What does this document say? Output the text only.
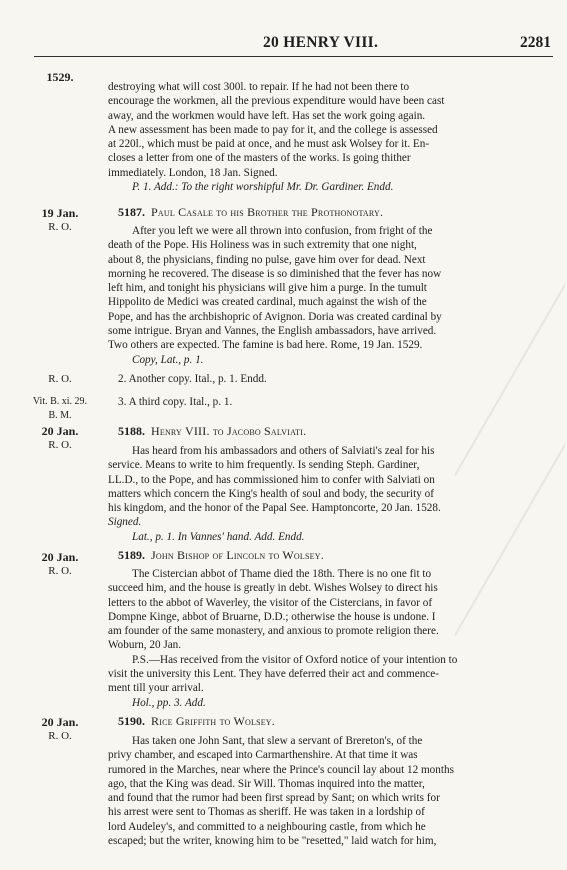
20 HENRY VIII.	2281
1529.
destroying what will cost 300l. to repair. If he had not been there to
encourage the workmen, all the previous expenditure would have been cast
away, and the workmen would have left. Has set the work going again.
A new assessment has been made to pay for it, and the college is assessed
at 220l., which must be paid at once, and he must ask Wolsey for it. En-
closes a letter from one of the masters of the works. Is going thither
immediately. London, 18 Jan. Signed.
P. 1. Add.: To the right worshipful Mr. Dr. Gardiner. Endd.
19 Jan.
R. O.
5187. Paul Casale to his Brother the Prothonotary.
After you left we were all thrown into confusion, from fright of the
death of the Pope. His Holiness was in such extremity that one night,
about 8, the physicians, finding no pulse, gave him over for dead. Next
morning he recovered. The disease is so diminished that the fever has now
left him, and tonight his physicians will give him a purge. In the tumult
Hippolito de Medici was created cardinal, much against the wish of the
Pope, and has the archbishopric of Avignon. Doria was created cardinal by
some intrigue. Bryan and Vannes, the English ambassadors, have arrived.
Two others are expected. The famine is bad here. Rome, 19 Jan. 1529.
Copy, Lat., p. 1.
R. O.	2. Another copy. Ital., p. 1. Endd.
Vit. B. xi. 29.
B. M.
3. A third copy. Ital., p. 1.
20 Jan.
R. O.
5188. Henry VIII. to Jacobo Salviati.
Has heard from his ambassadors and others of Salviati's zeal for his
service. Means to write to him frequently. Is sending Steph. Gardiner,
LL.D., to the Pope, and has commissioned him to confer with Salviati on
matters which concern the King's health of soul and body, the security of
his kingdom, and the honor of the Papal See. Hamptoncorte, 20 Jan. 1528.
Signed.
Lat., p. 1. In Vannes' hand. Add. Endd.
20 Jan.
R. O.
5189. John Bishop of Lincoln to Wolsey.
The Cistercian abbot of Thame died the 18th. There is no one fit to
succeed him, and the house is greatly in debt. Wishes Wolsey to direct his
letters to the abbot of Waverley, the visitor of the Cistercians, in favor of
Dompne Kinge, abbot of Bruarne, D.D.; otherwise the house is undone. I
am founder of the same monastery, and anxious to promote religion there.
Woburn, 20 Jan.
P.S.—Has received from the visitor of Oxford notice of your intention to
visit the university this Lent. They have deferred their act and commence-
ment till your arrival.
Hol., pp. 3. Add.
20 Jan.
R. O.
5190. Rice Griffith to Wolsey.
Has taken one John Sant, that slew a servant of Brereton's, of the
privy chamber, and escaped into Carmarthenshire. At that time it was
rumored in the Marches, near where the Prince's council lay about 12 months
ago, that the King was dead. Sir Will. Thomas inquired into the matter,
and found that the rumor had been first spread by Sant; on which writs for
his arrest were sent to Thomas as sheriff. He was taken in a lordship of
lord Audeley's, and committed to a neighbouring castle, from which he
escaped; but the writer, knowing him to be "resetted," laid watch for him,
